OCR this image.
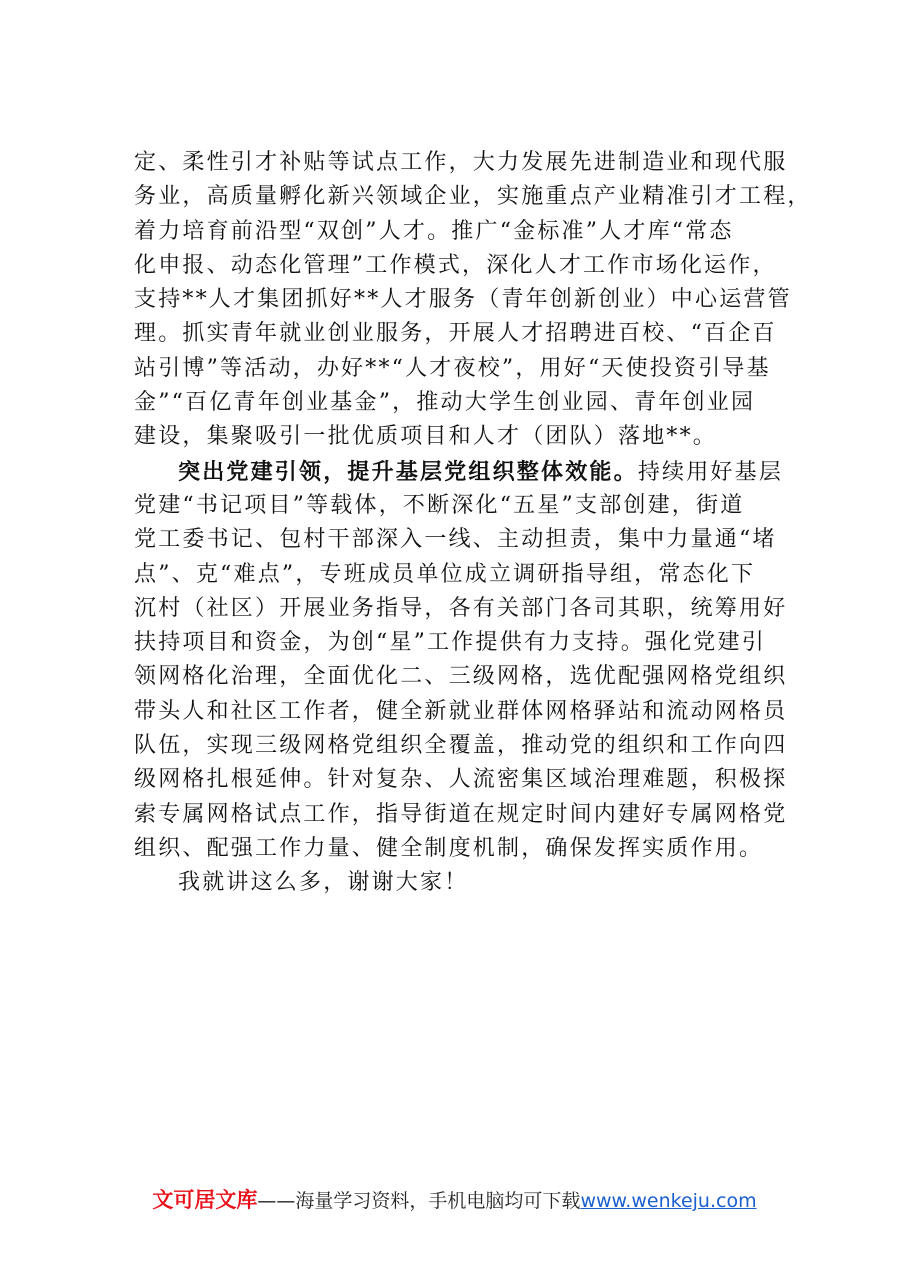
定、柔性引才补贴等试点工作，大力发展先进制造业和现代服
务业，高质量孵化新兴领域企业，实施重点产业精准引才工程，
着力培育前沿型“双创”人才。推广“金标准”人才库“常态
化申报、动态化管理”工作模式，深化人才工作市场化运作，
支持**人才集团抓好**人才服务（青年创新创业）中心运营管
理。抓实青年就业创业服务，开展人才招聘进百校、“百企百
站引博”等活动，办好**“人才夜校”，用好“天使投资引导基
金”“百亿青年创业基金”，推动大学生创业园、青年创业园
建设，集聚吸引一批优质项目和人才（团队）落地**。
突出党建引领，提升基层党组织整体效能。持续用好基层
党建“书记项目”等载体，不断深化“五星”支部创建，街道
党工委书记、包村干部深入一线、主动担责，集中力量通“堵
点”、克“难点”，专班成员单位成立调研指导组，常态化下
沉村（社区）开展业务指导，各有关部门各司其职，统筹用好
扶持项目和资金，为创“星”工作提供有力支持。强化党建引
领网格化治理，全面优化二、三级网格，选优配强网格党组织
带头人和社区工作者，健全新就业群体网格驿站和流动网格员
队伍，实现三级网格党组织全覆盖，推动党的组织和工作向四
级网格扎根延伸。针对复杂、人流密集区域治理难题，积极探
索专属网格试点工作，指导街道在规定时间内建好专属网格党
组织、配强工作力量、健全制度机制，确保发挥实质作用。
我就讲这么多，谢谢大家！
文可居文库——海量学习资料，手机电脑均可下载www.wenkeju.com
